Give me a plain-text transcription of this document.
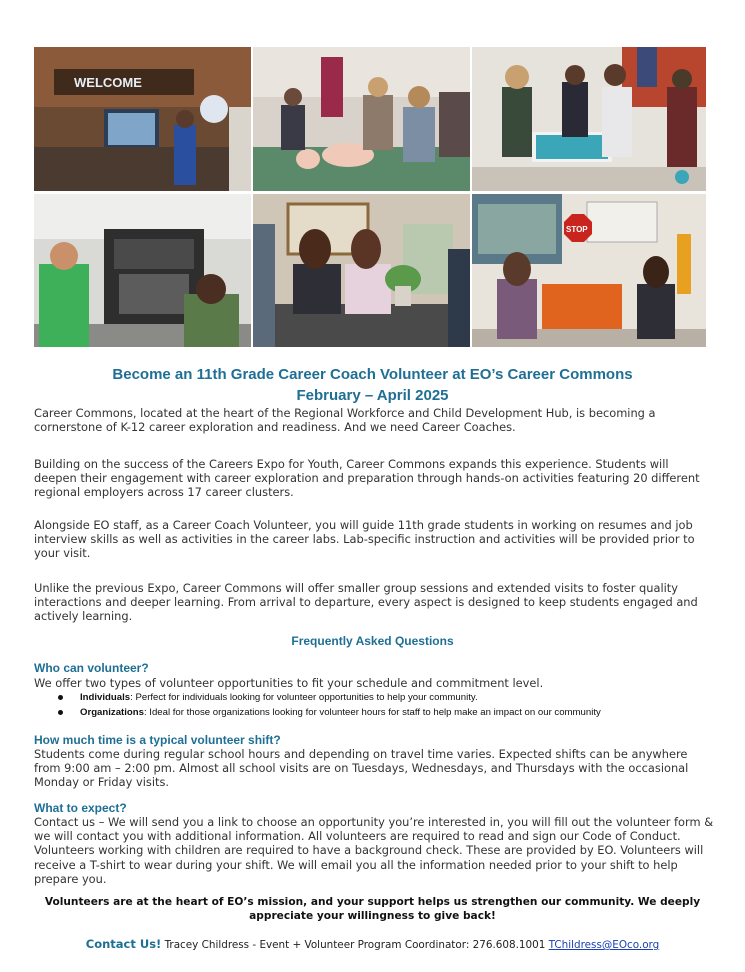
WELCOME
STOP
Become an 11th Grade Career Coach Volunteer at EO’s Career Commons
February – April 2025

Career Commons, located at the heart of the Regional Workforce and Child Development Hub, is becoming a cornerstone of K-12 career exploration and readiness. And we need Career Coaches.

Building on the success of the Careers Expo for Youth, Career Commons expands this experience. Students will deepen their engagement with career exploration and preparation through hands-on activities featuring 20 different regional employers across 17 career clusters.

Alongside EO staff, as a Career Coach Volunteer, you will guide 11th grade students in working on resumes and job interview skills as well as activities in the career labs. Lab-specific instruction and activities will be provided prior to your visit.

Unlike the previous Expo, Career Commons will offer smaller group sessions and extended visits to foster quality interactions and deeper learning. From arrival to departure, every aspect is designed to keep students engaged and actively learning.

Frequently Asked Questions
Who can volunteer?

We offer two types of volunteer opportunities to fit your schedule and commitment level.

Individuals: Perfect for individuals looking for volunteer opportunities to help your community.
Organizations: Ideal for those organizations looking for volunteer hours for staff to help make an impact on our community
How much time is a typical volunteer shift?

Students come during regular school hours and depending on travel time varies. Expected shifts can be anywhere from 9:00 am – 2:00 pm. Almost all school visits are on Tuesdays, Wednesdays, and Thursdays with the occasional Monday or Friday visits.

What to expect?

Contact us – We will send you a link to choose an opportunity you’re interested in, you will fill out the volunteer form & we will contact you with additional information. All volunteers are required to read and sign our Code of Conduct. Volunteers working with children are required to have a background check. These are provided by EO. Volunteers will receive a T-shirt to wear during your shift. We will email you all the information needed prior to your shift to help prepare you.

Volunteers are at the heart of EO’s mission, and your support helps us strengthen our community. We deeply appreciate your willingness to give back!

Contact Us! Tracey Childress - Event + Volunteer Program Coordinator: 276.608.1001 TChildress@EOco.org
